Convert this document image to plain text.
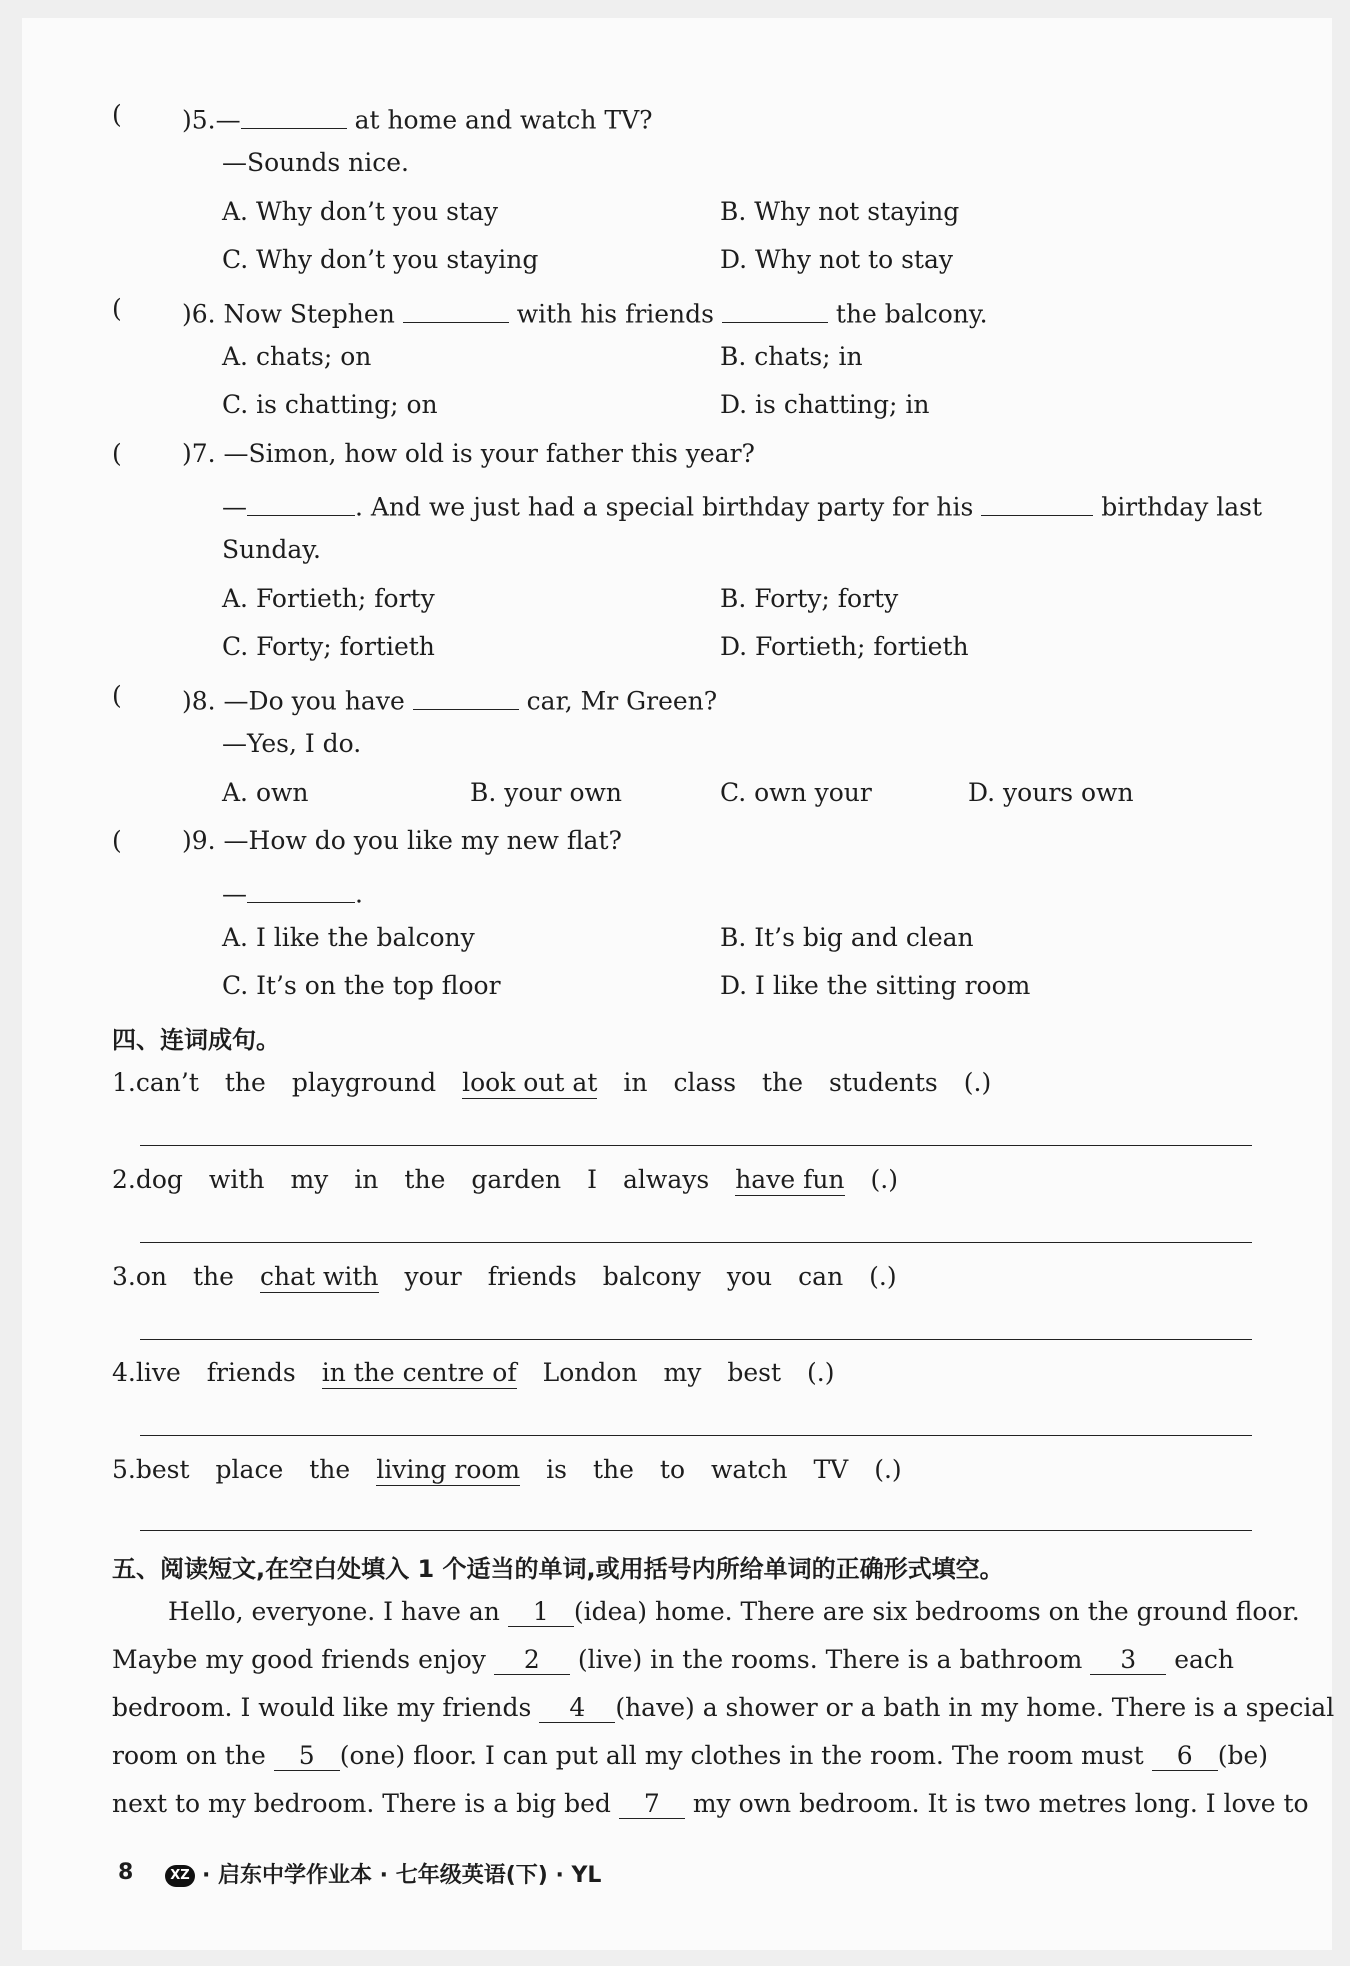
( )5.—	at home and watch TV?
—Sounds nice.
A. Why don’t you stay	B. Why not staying
C. Why don’t you staying	D. Why not to stay
( )6. Now Stephen	with his friends	the balcony.
A. chats; on	B. chats; in
C. is chatting; on	D. is chatting; in
( )7. —Simon, how old is your father this year?
—	. And we just had a special birthday party for his	birthday last
Sunday.
A. Fortieth; forty	B. Forty; forty
C. Forty; fortieth	D. Fortieth; fortieth
( )8. —Do you have	car, Mr Green?
—Yes, I do.
A. own	B. your own	C. own your	D. yours own
( )9. —How do you like my new flat?
—	.
A. I like the balcony	B. It’s big and clean
C. It’s on the top floor	D. I like the sitting room
四、连词成句。
1.can’t the playground look out at in class the students (.)
2.dog with my in the garden I always have fun (.)
3.on the chat with your friends balcony you can (.)
4.live friends in the centre of London my best (.)
5.best place the living room is the to watch TV (.)
五、阅读短文,在空白处填入 1 个适当的单词,或用括号内所给单词的正确形式填空。
Hello, everyone. I have an 1 (idea) home. There are six bedrooms on the ground floor.
Maybe my good friends enjoy 2 (live) in the rooms. There is a bathroom 3 each
bedroom. I would like my friends 4 (have) a shower or a bath in my home. There is a special
room on the 5 (one) floor. I can put all my clothes in the room. The room must 6 (be)
next to my bedroom. There is a big bed 7 my own bedroom. It is two metres long. I love to
8	XZ · 启东中学作业本 · 七年级英语(下) · YL
